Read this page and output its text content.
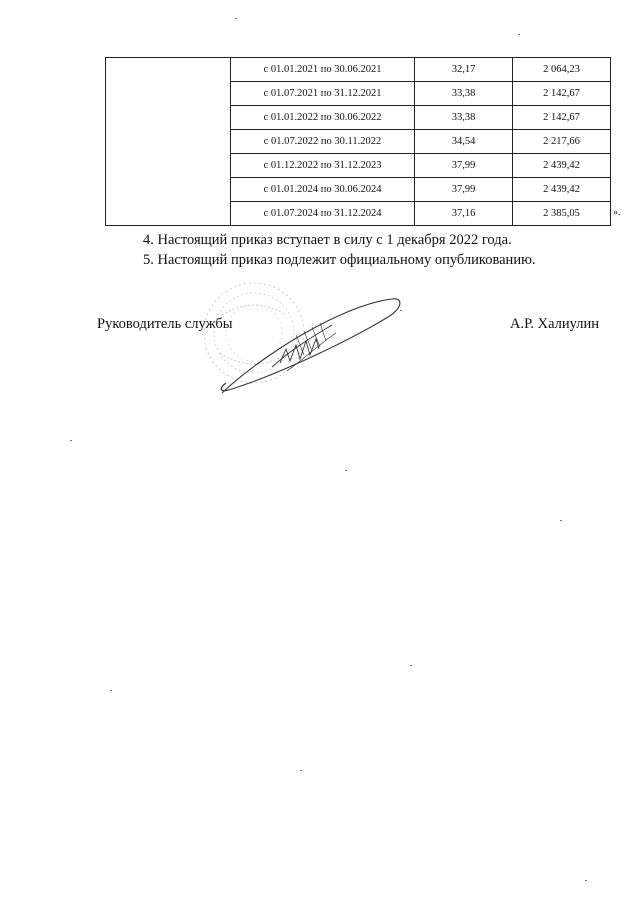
	с 01.01.2021 по 30.06.2021	32,17	2 064,23
	с 01.07.2021 по 31.12.2021	33,38	2 142,67
	с 01.01.2022 по 30.06.2022	33,38	2 142,67
	с 01.07.2022 по 30.11.2022	34,54	2 217,66
	с 01.12.2022 по 31.12.2023	37,99	2 439,42
	с 01.01.2024 по 30.06.2024	37,99	2 439,42
	с 01.07.2024 по 31.12.2024	37,16	2 385,05	».
4. Настоящий приказ вступает в силу с 1 декабря 2022 года.
5. Настоящий приказ подлежит официальному опубликованию.
Руководитель службы	А.Р. Халиулин
